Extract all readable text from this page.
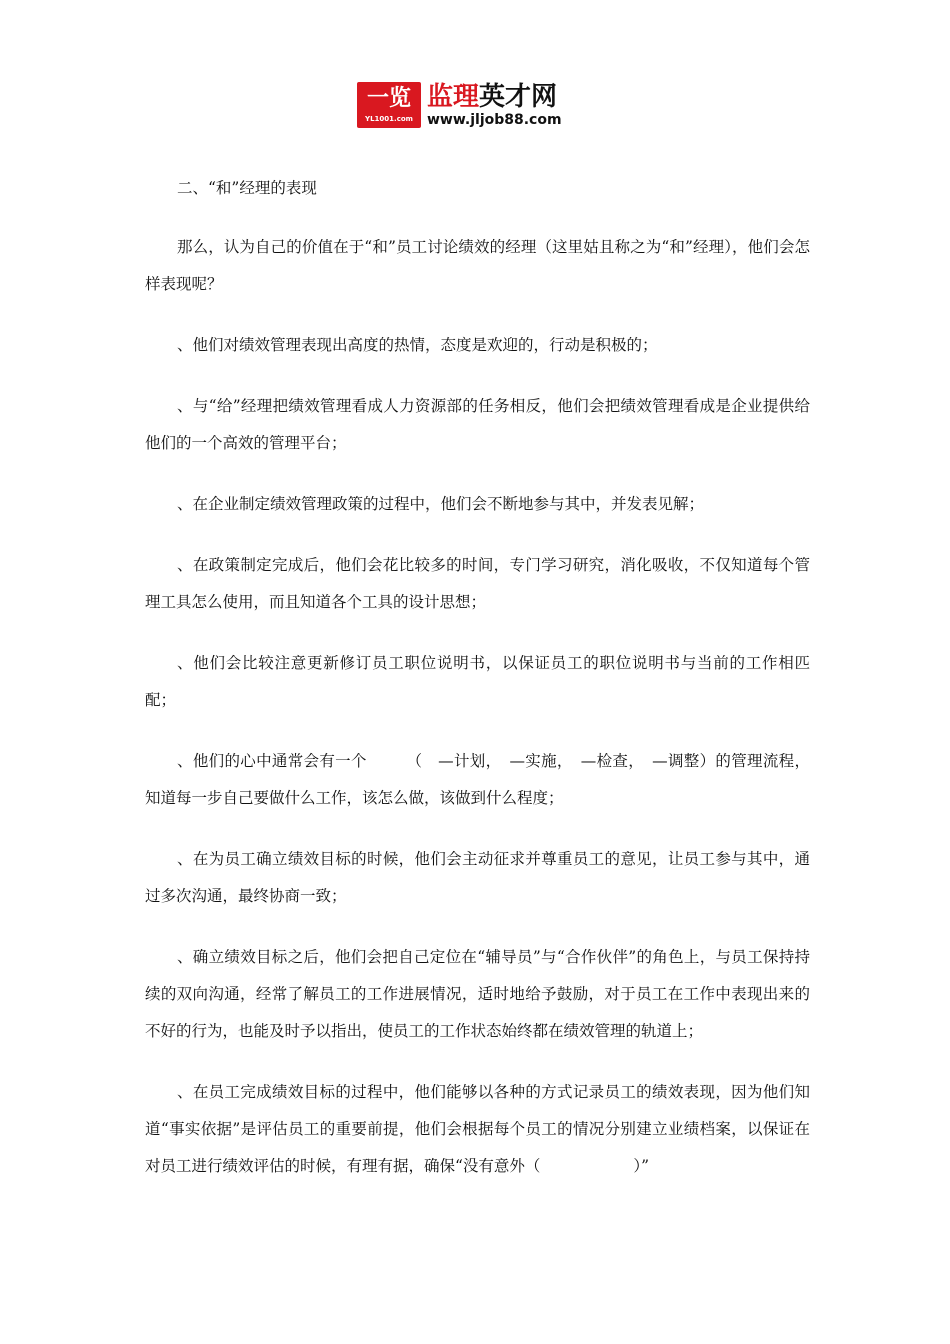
一览
YL1001.com
监理英才网
www.jljob88.com

二、“和”经理的表现

那么，认为自己的价值在于“和”员工讨论绩效的经理（这里姑且称之为“和”经理），他们会怎样表现呢？

、他们对绩效管理表现出高度的热情，态度是欢迎的，行动是积极的；

、与“给”经理把绩效管理看成人力资源部的任务相反，他们会把绩效管理看成是企业提供给他们的一个高效的管理平台；

、在企业制定绩效管理政策的过程中，他们会不断地参与其中，并发表见解；

、在政策制定完成后，他们会花比较多的时间，专门学习研究，消化吸收，不仅知道每个管理工具怎么使用，而且知道各个工具的设计思想；

、他们会比较注意更新修订员工职位说明书，以保证员工的职位说明书与当前的工作相匹配；

、他们的心中通常会有一个　　　（　—计划，　—实施，　—检查，　—调整）的管理流程，知道每一步自己要做什么工作，该怎么做，该做到什么程度；

、在为员工确立绩效目标的时候，他们会主动征求并尊重员工的意见，让员工参与其中，通过多次沟通，最终协商一致；

、确立绩效目标之后，他们会把自己定位在“辅导员”与“合作伙伴”的角色上，与员工保持持续的双向沟通，经常了解员工的工作进展情况，适时地给予鼓励，对于员工在工作中表现出来的不好的行为，也能及时予以指出，使员工的工作状态始终都在绩效管理的轨道上；

、在员工完成绩效目标的过程中，他们能够以各种的方式记录员工的绩效表现，因为他们知道“事实依据”是评估员工的重要前提，他们会根据每个员工的情况分别建立业绩档案，以保证在对员工进行绩效评估的时候，有理有据，确保“没有意外（　　　　　　）”
